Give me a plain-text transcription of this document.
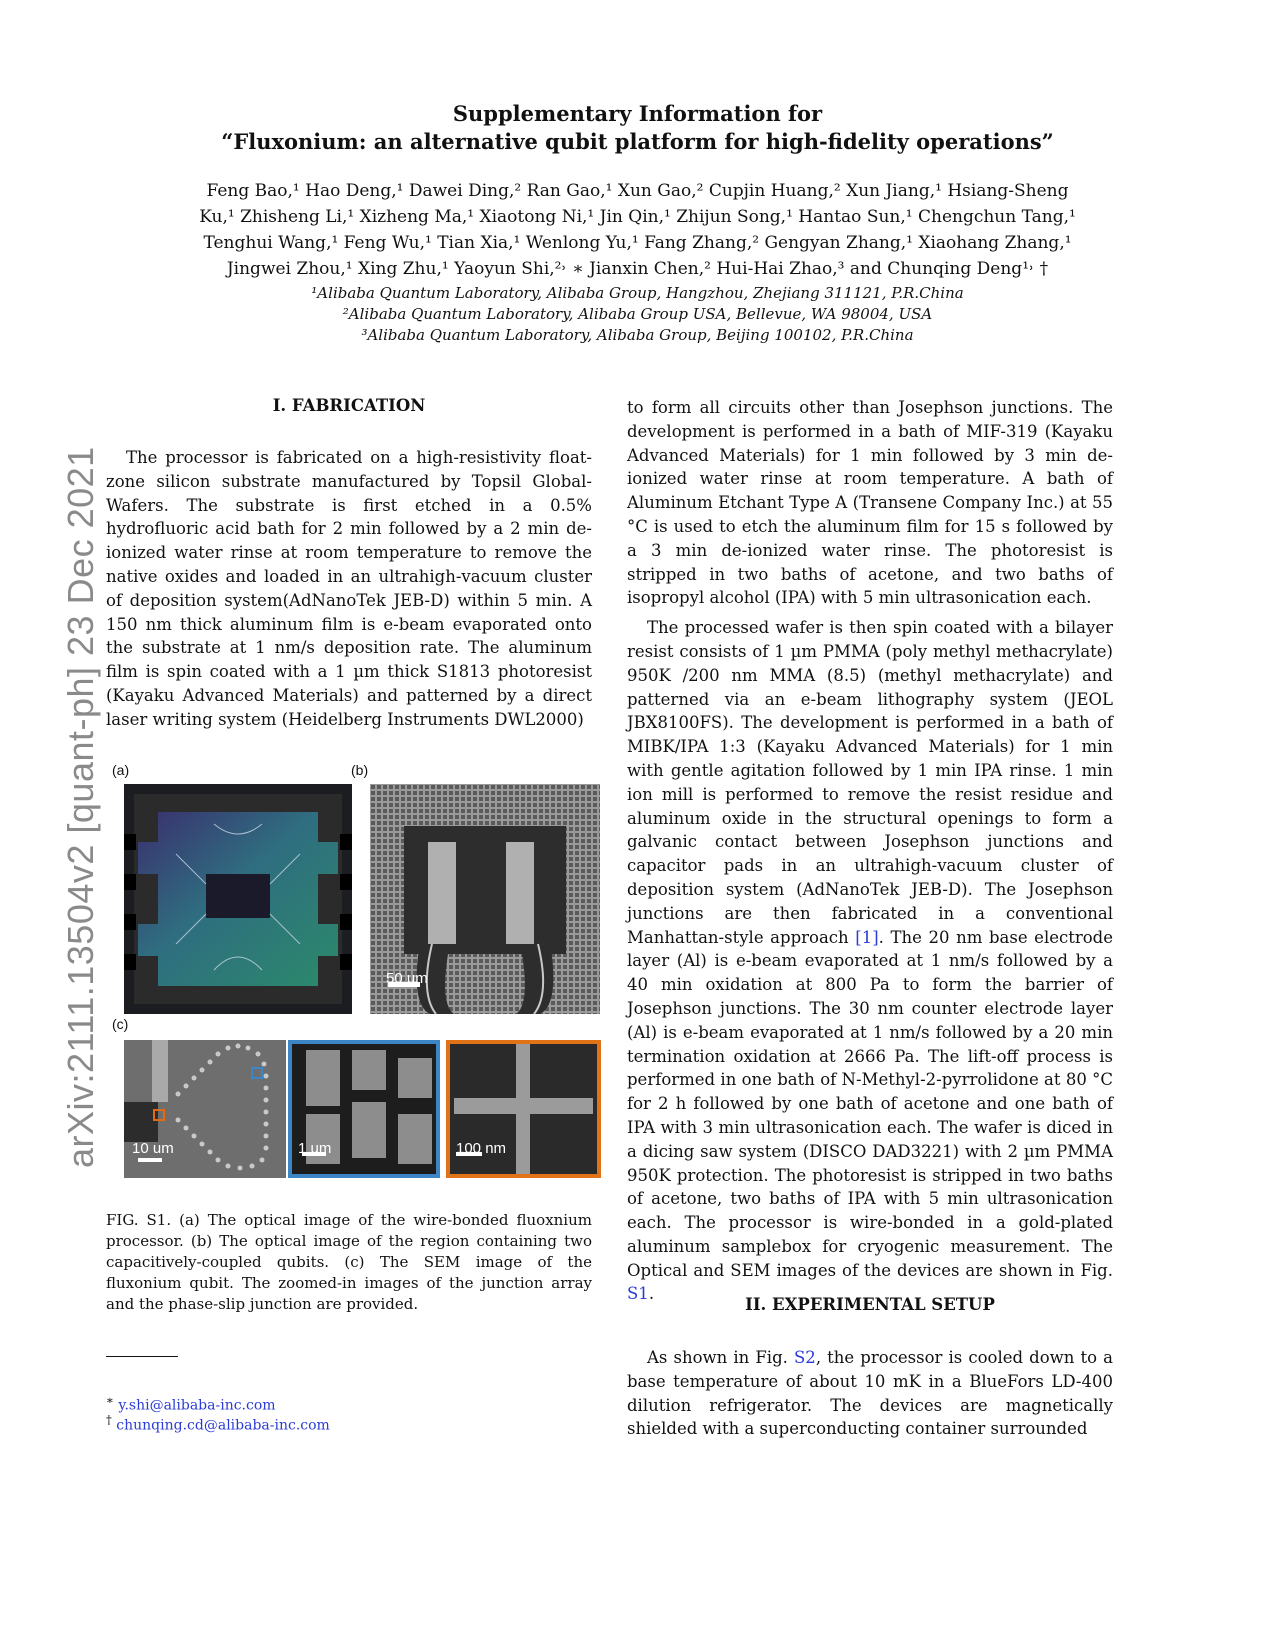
arXiv:2111.13504v2 [quant-ph] 23 Dec 2021
Supplementary Information for
“Fluxonium: an alternative qubit platform for high-fidelity operations”
Feng Bao,¹ Hao Deng,¹ Dawei Ding,² Ran Gao,¹ Xun Gao,² Cupjin Huang,² Xun Jiang,¹ Hsiang-Sheng
Ku,¹ Zhisheng Li,¹ Xizheng Ma,¹ Xiaotong Ni,¹ Jin Qin,¹ Zhijun Song,¹ Hantao Sun,¹ Chengchun Tang,¹
Tenghui Wang,¹ Feng Wu,¹ Tian Xia,¹ Wenlong Yu,¹ Fang Zhang,² Gengyan Zhang,¹ Xiaohang Zhang,¹
Jingwei Zhou,¹ Xing Zhu,¹ Yaoyun Shi,²˒ ∗ Jianxin Chen,² Hui-Hai Zhao,³ and Chunqing Deng¹˒ †
¹Alibaba Quantum Laboratory, Alibaba Group, Hangzhou, Zhejiang 311121, P.R.China
²Alibaba Quantum Laboratory, Alibaba Group USA, Bellevue, WA 98004, USA
³Alibaba Quantum Laboratory, Alibaba Group, Beijing 100102, P.R.China
I. FABRICATION

The processor is fabricated on a high-resistivity float-zone silicon substrate manufactured by Topsil Global-Wafers. The substrate is first etched in a 0.5% hydrofluoric acid bath for 2 min followed by a 2 min de-ionized water rinse at room temperature to remove the native oxides and loaded in an ultrahigh-vacuum cluster of deposition system(AdNanoTek JEB-D) within 5 min. A 150 nm thick aluminum film is e-beam evaporated onto the substrate at 1 nm/s deposition rate. The aluminum film is spin coated with a 1 µm thick S1813 photoresist (Kayaku Advanced Materials) and patterned by a direct laser writing system (Heidelberg Instruments DWL2000)

(a)	(b)
(c)
50 um
10 um	1 um	100 nm
FIG. S1. (a) The optical image of the wire-bonded fluoxnium processor. (b) The optical image of the region containing two capacitively-coupled qubits. (c) The SEM image of the fluxonium qubit. The zoomed-in images of the junction array and the phase-slip junction are provided.
∗ y.shi@alibaba-inc.com
† chunqing.cd@alibaba-inc.com

to form all circuits other than Josephson junctions. The development is performed in a bath of MIF-319 (Kayaku Advanced Materials) for 1 min followed by 3 min de-ionized water rinse at room temperature. A bath of Aluminum Etchant Type A (Transene Company Inc.) at 55 °C is used to etch the aluminum film for 15 s followed by a 3 min de-ionized water rinse. The photoresist is stripped in two baths of acetone, and two baths of isopropyl alcohol (IPA) with 5 min ultrasonication each.

The processed wafer is then spin coated with a bilayer resist consists of 1 µm PMMA (poly methyl methacrylate) 950K /200 nm MMA (8.5) (methyl methacrylate) and patterned via an e-beam lithography system (JEOL JBX8100FS). The development is performed in a bath of MIBK/IPA 1:3 (Kayaku Advanced Materials) for 1 min with gentle agitation followed by 1 min IPA rinse. 1 min ion mill is performed to remove the resist residue and aluminum oxide in the structural openings to form a galvanic contact between Josephson junctions and capacitor pads in an ultrahigh-vacuum cluster of deposition system (AdNanoTek JEB-D). The Josephson junctions are then fabricated in a conventional Manhattan-style approach [1]. The 20 nm base electrode layer (Al) is e-beam evaporated at 1 nm/s followed by a 40 min oxidation at 800 Pa to form the barrier of Josephson junctions. The 30 nm counter electrode layer (Al) is e-beam evaporated at 1 nm/s followed by a 20 min termination oxidation at 2666 Pa. The lift-off process is performed in one bath of N-Methyl-2-pyrrolidone at 80 °C for 2 h followed by one bath of acetone and one bath of IPA with 3 min ultrasonication each. The wafer is diced in a dicing saw system (DISCO DAD3221) with 2 µm PMMA 950K protection. The photoresist is stripped in two baths of acetone, two baths of IPA with 5 min ultrasonication each. The processor is wire-bonded in a gold-plated aluminum samplebox for cryogenic measurement. The Optical and SEM images of the devices are shown in Fig. S1.

II. EXPERIMENTAL SETUP

As shown in Fig. S2, the processor is cooled down to a base temperature of about 10 mK in a BlueFors LD-400 dilution refrigerator. The devices are magnetically shielded with a superconducting container surrounded
